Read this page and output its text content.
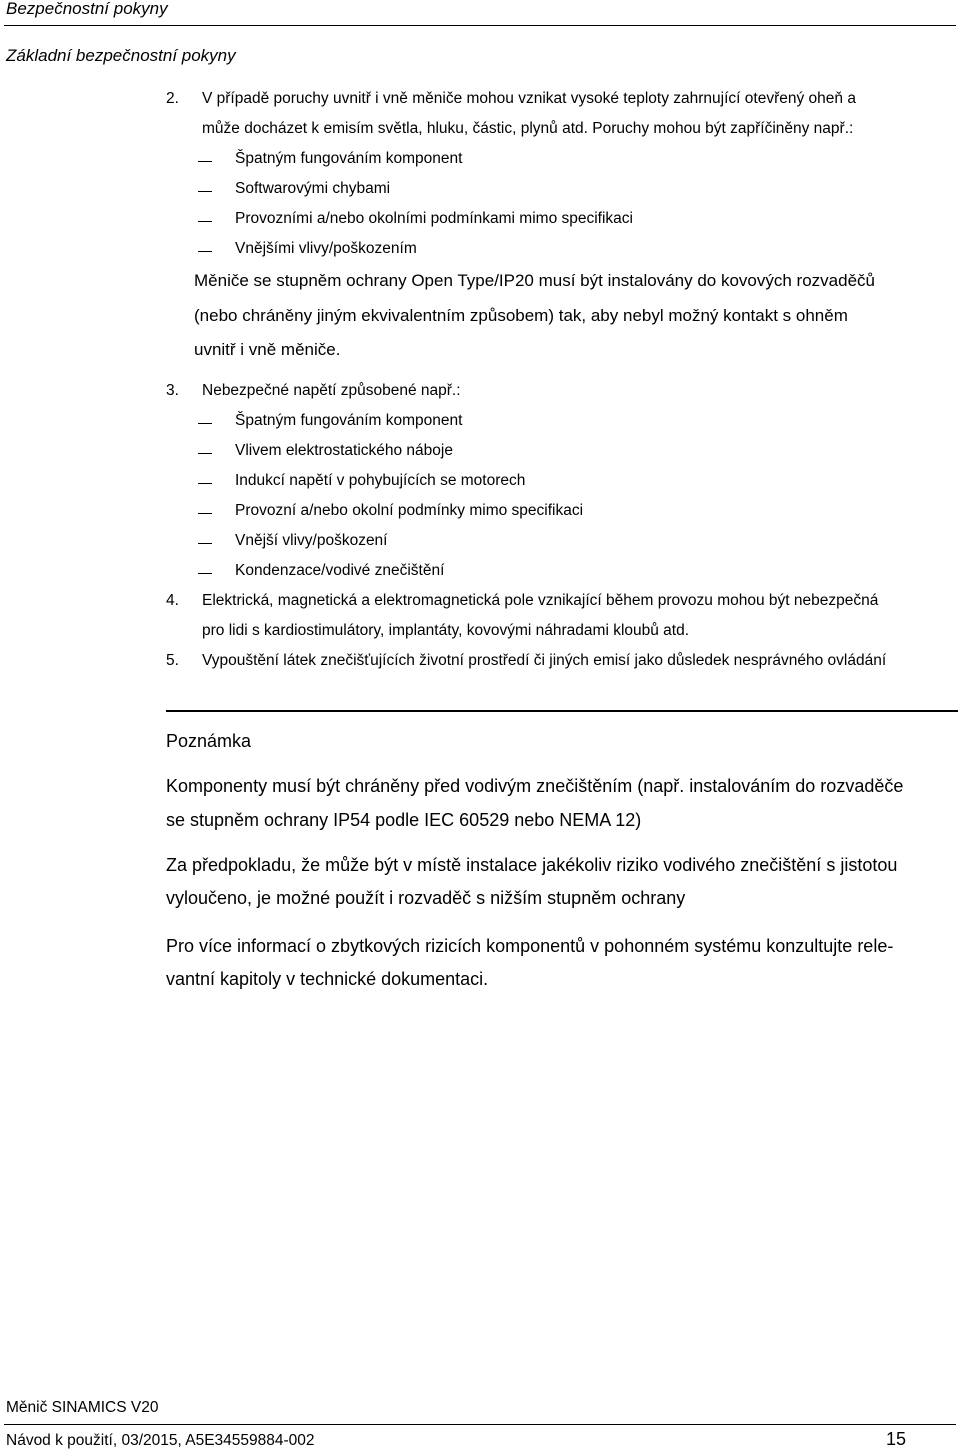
Bezpečnostní pokyny
Základní bezpečnostní pokyny
2. V případě poruchy uvnitř i vně měniče mohou vznikat vysoké teploty zahrnující otevřený oheň a
může docházet k emisím světla, hluku, částic, plynů atd. Poruchy mohou být zapříčiněny např.:
Špatným fungováním komponent
Softwarovými chybami
Provozními a/nebo okolními podmínkami mimo specifikaci
Vnějšími vlivy/poškozením
Měniče se stupněm ochrany Open Type/IP20 musí být instalovány do kovových rozvaděčů
(nebo chráněny jiným ekvivalentním způsobem) tak, aby nebyl možný kontakt s ohněm
uvnitř i vně měniče.
3. Nebezpečné napětí způsobené např.:
Špatným fungováním komponent
Vlivem elektrostatického náboje
Indukcí napětí v pohybujících se motorech
Provozní a/nebo okolní podmínky mimo specifikaci
Vnější vlivy/poškození
Kondenzace/vodivé znečištění
4. Elektrická, magnetická a elektromagnetická pole vznikající během provozu mohou být nebezpečná
pro lidi s kardiostimulátory, implantáty, kovovými náhradami kloubů atd.
5. Vypouštění látek znečišťujících životní prostředí či jiných emisí jako důsledek nesprávného ovládání
Poznámka
Komponenty musí být chráněny před vodivým znečištěním (např. instalováním do rozvaděče
se stupněm ochrany IP54 podle IEC 60529 nebo NEMA 12)
Za předpokladu, že může být v místě instalace jakékoliv riziko vodivého znečištění s jistotou
vyloučeno, je možné použít i rozvaděč s nižším stupněm ochrany
Pro více informací o zbytkových rizicích komponentů v pohonném systému konzultujte rele-
vantní kapitoly v technické dokumentaci.
Měnič SINAMICS V20
Návod k použití, 03/2015, A5E34559884-002	15
